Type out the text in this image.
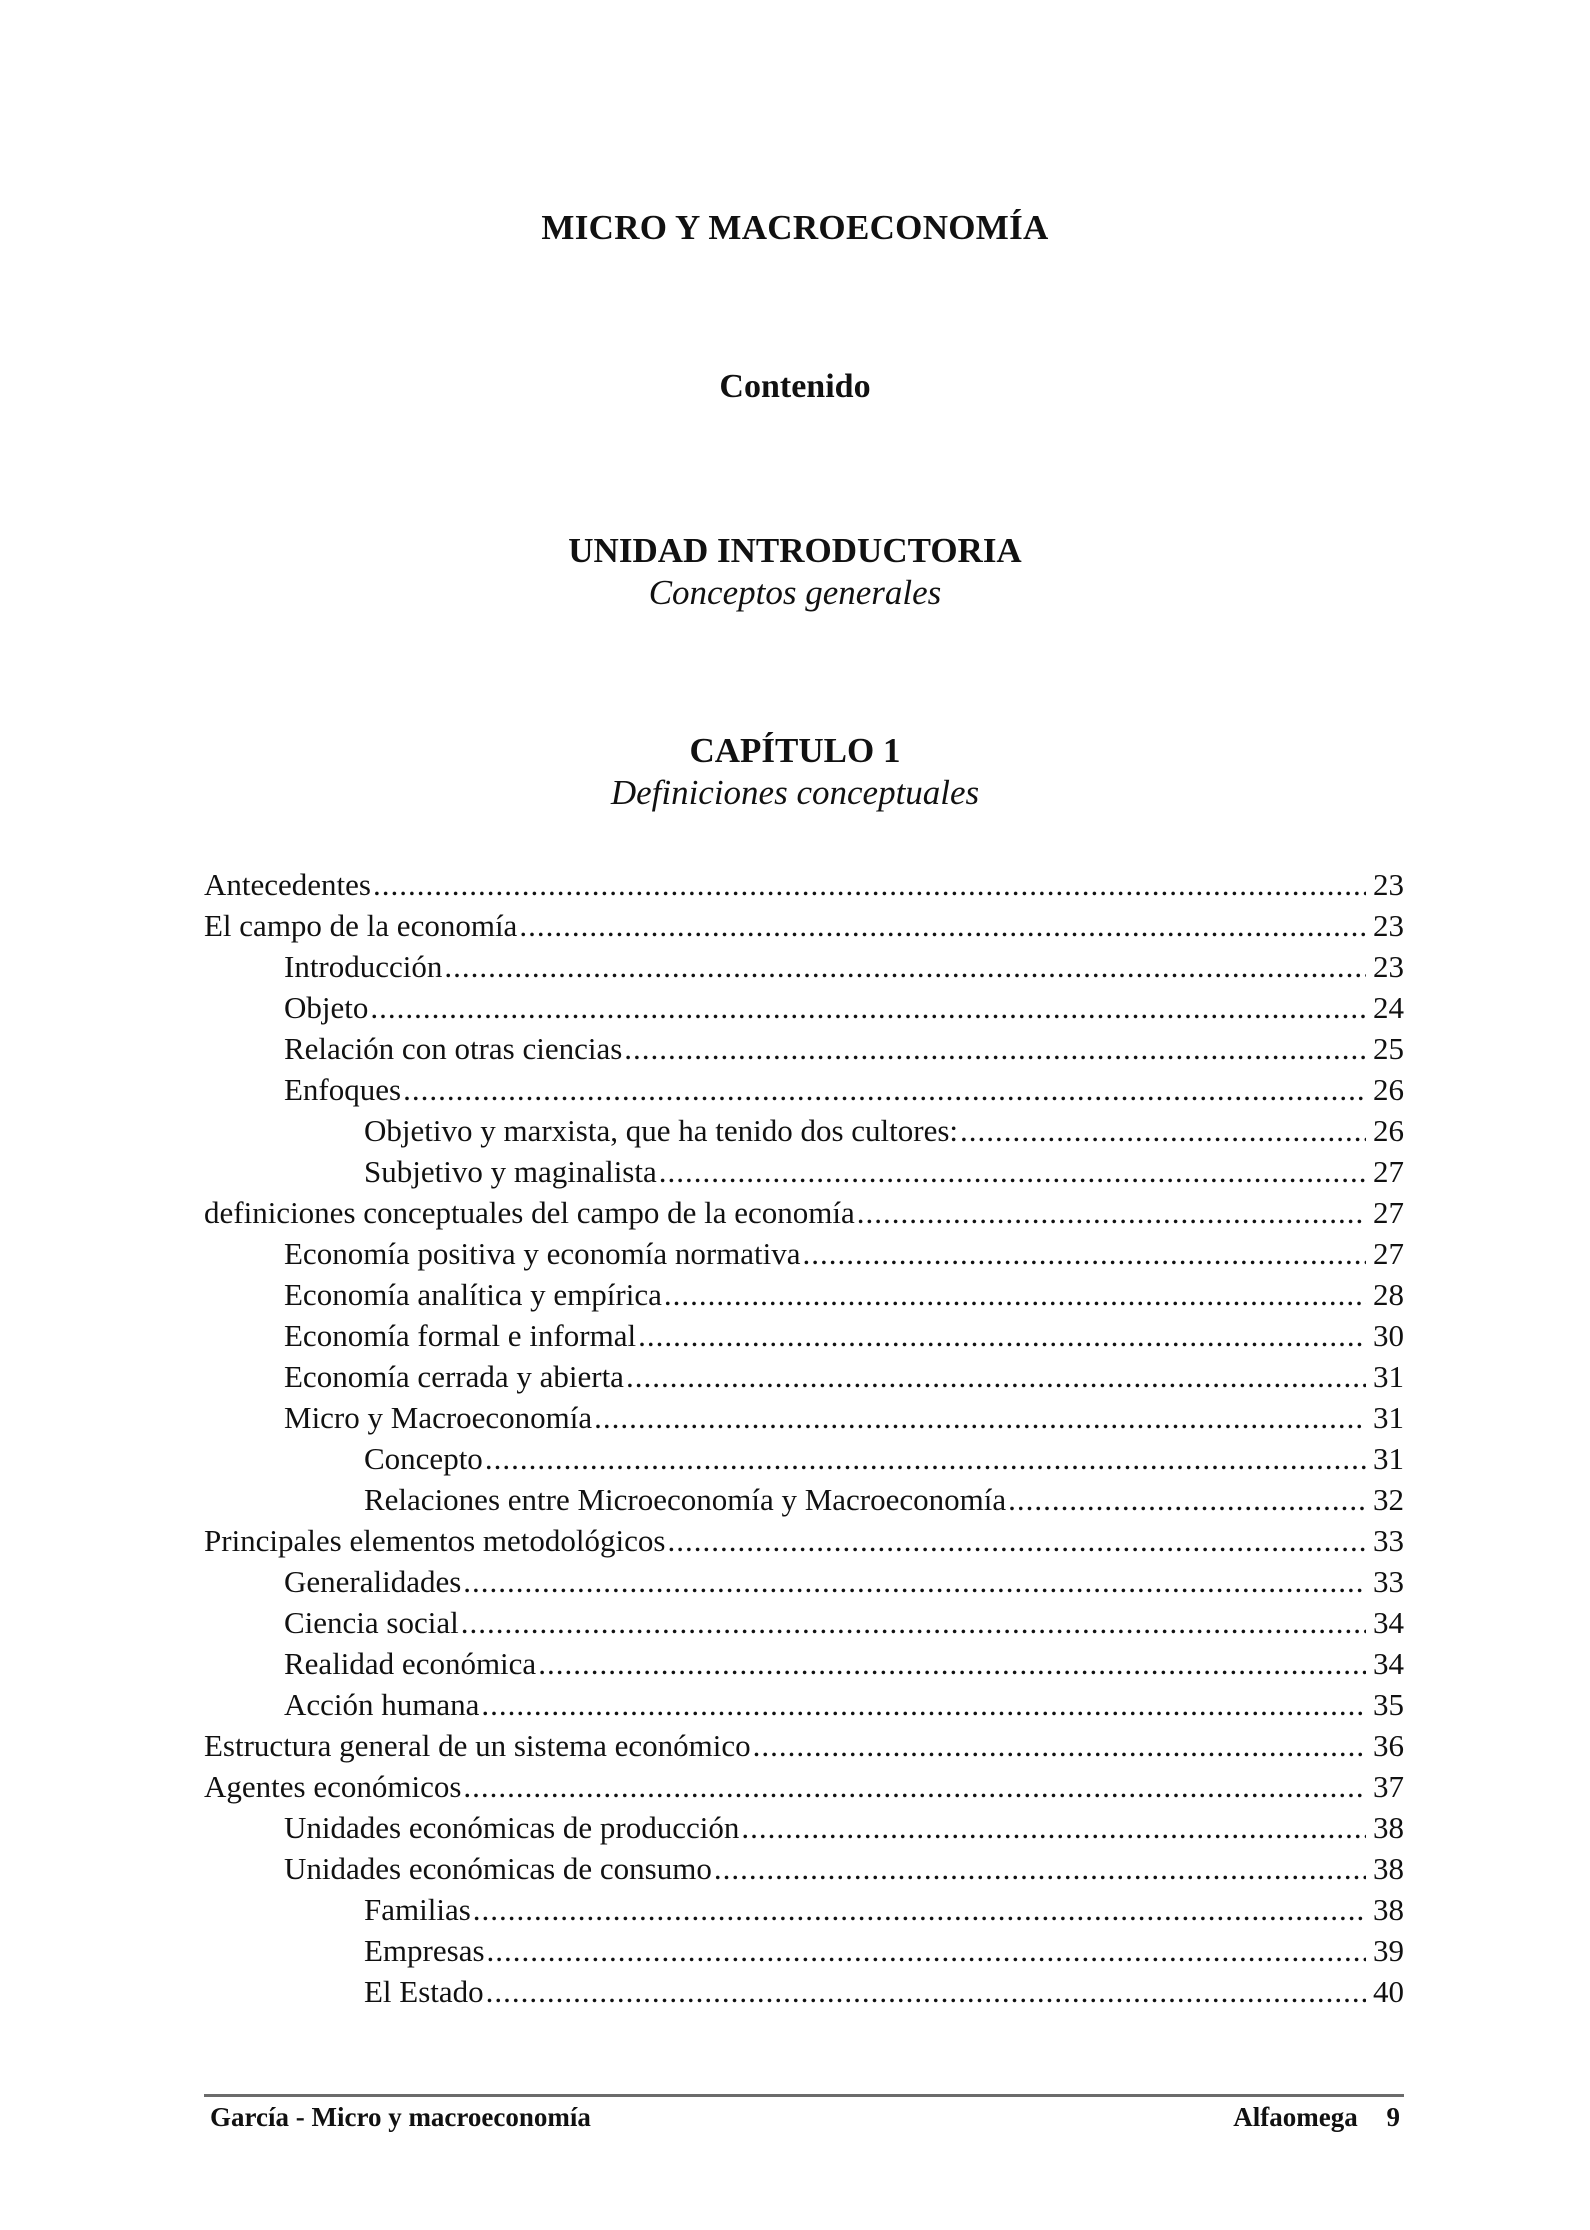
MICRO Y MACROECONOMÍA
Contenido
UNIDAD INTRODUCTORIA
Conceptos generales
CAPÍTULO 1
Definiciones conceptuales
Antecedentes .....	23
El campo de la economía .....	23
Introducción .....	23
Objeto .....	24
Relación con otras ciencias .....	25
Enfoques .....	26
Objetivo y marxista, que ha tenido dos cultores: .....	26
Subjetivo y maginalista .....	27
definiciones conceptuales del campo de la economía .....	27
Economía positiva y economía normativa .....	27
Economía analítica y empírica .....	28
Economía formal e informal .....	30
Economía cerrada y abierta .....	31
Micro y Macroeconomía .....	31
Concepto .....	31
Relaciones entre Microeconomía y Macroeconomía .....	32
Principales elementos metodológicos .....	33
Generalidades .....	33
Ciencia social .....	34
Realidad económica .....	34
Acción humana .....	35
Estructura general de un sistema económico .....	36
Agentes económicos .....	37
Unidades económicas de producción .....	38
Unidades económicas de consumo .....	38
Familias .....	38
Empresas .....	39
El Estado .....	40
García - Micro y macroeconomía	Alfaomega 9
